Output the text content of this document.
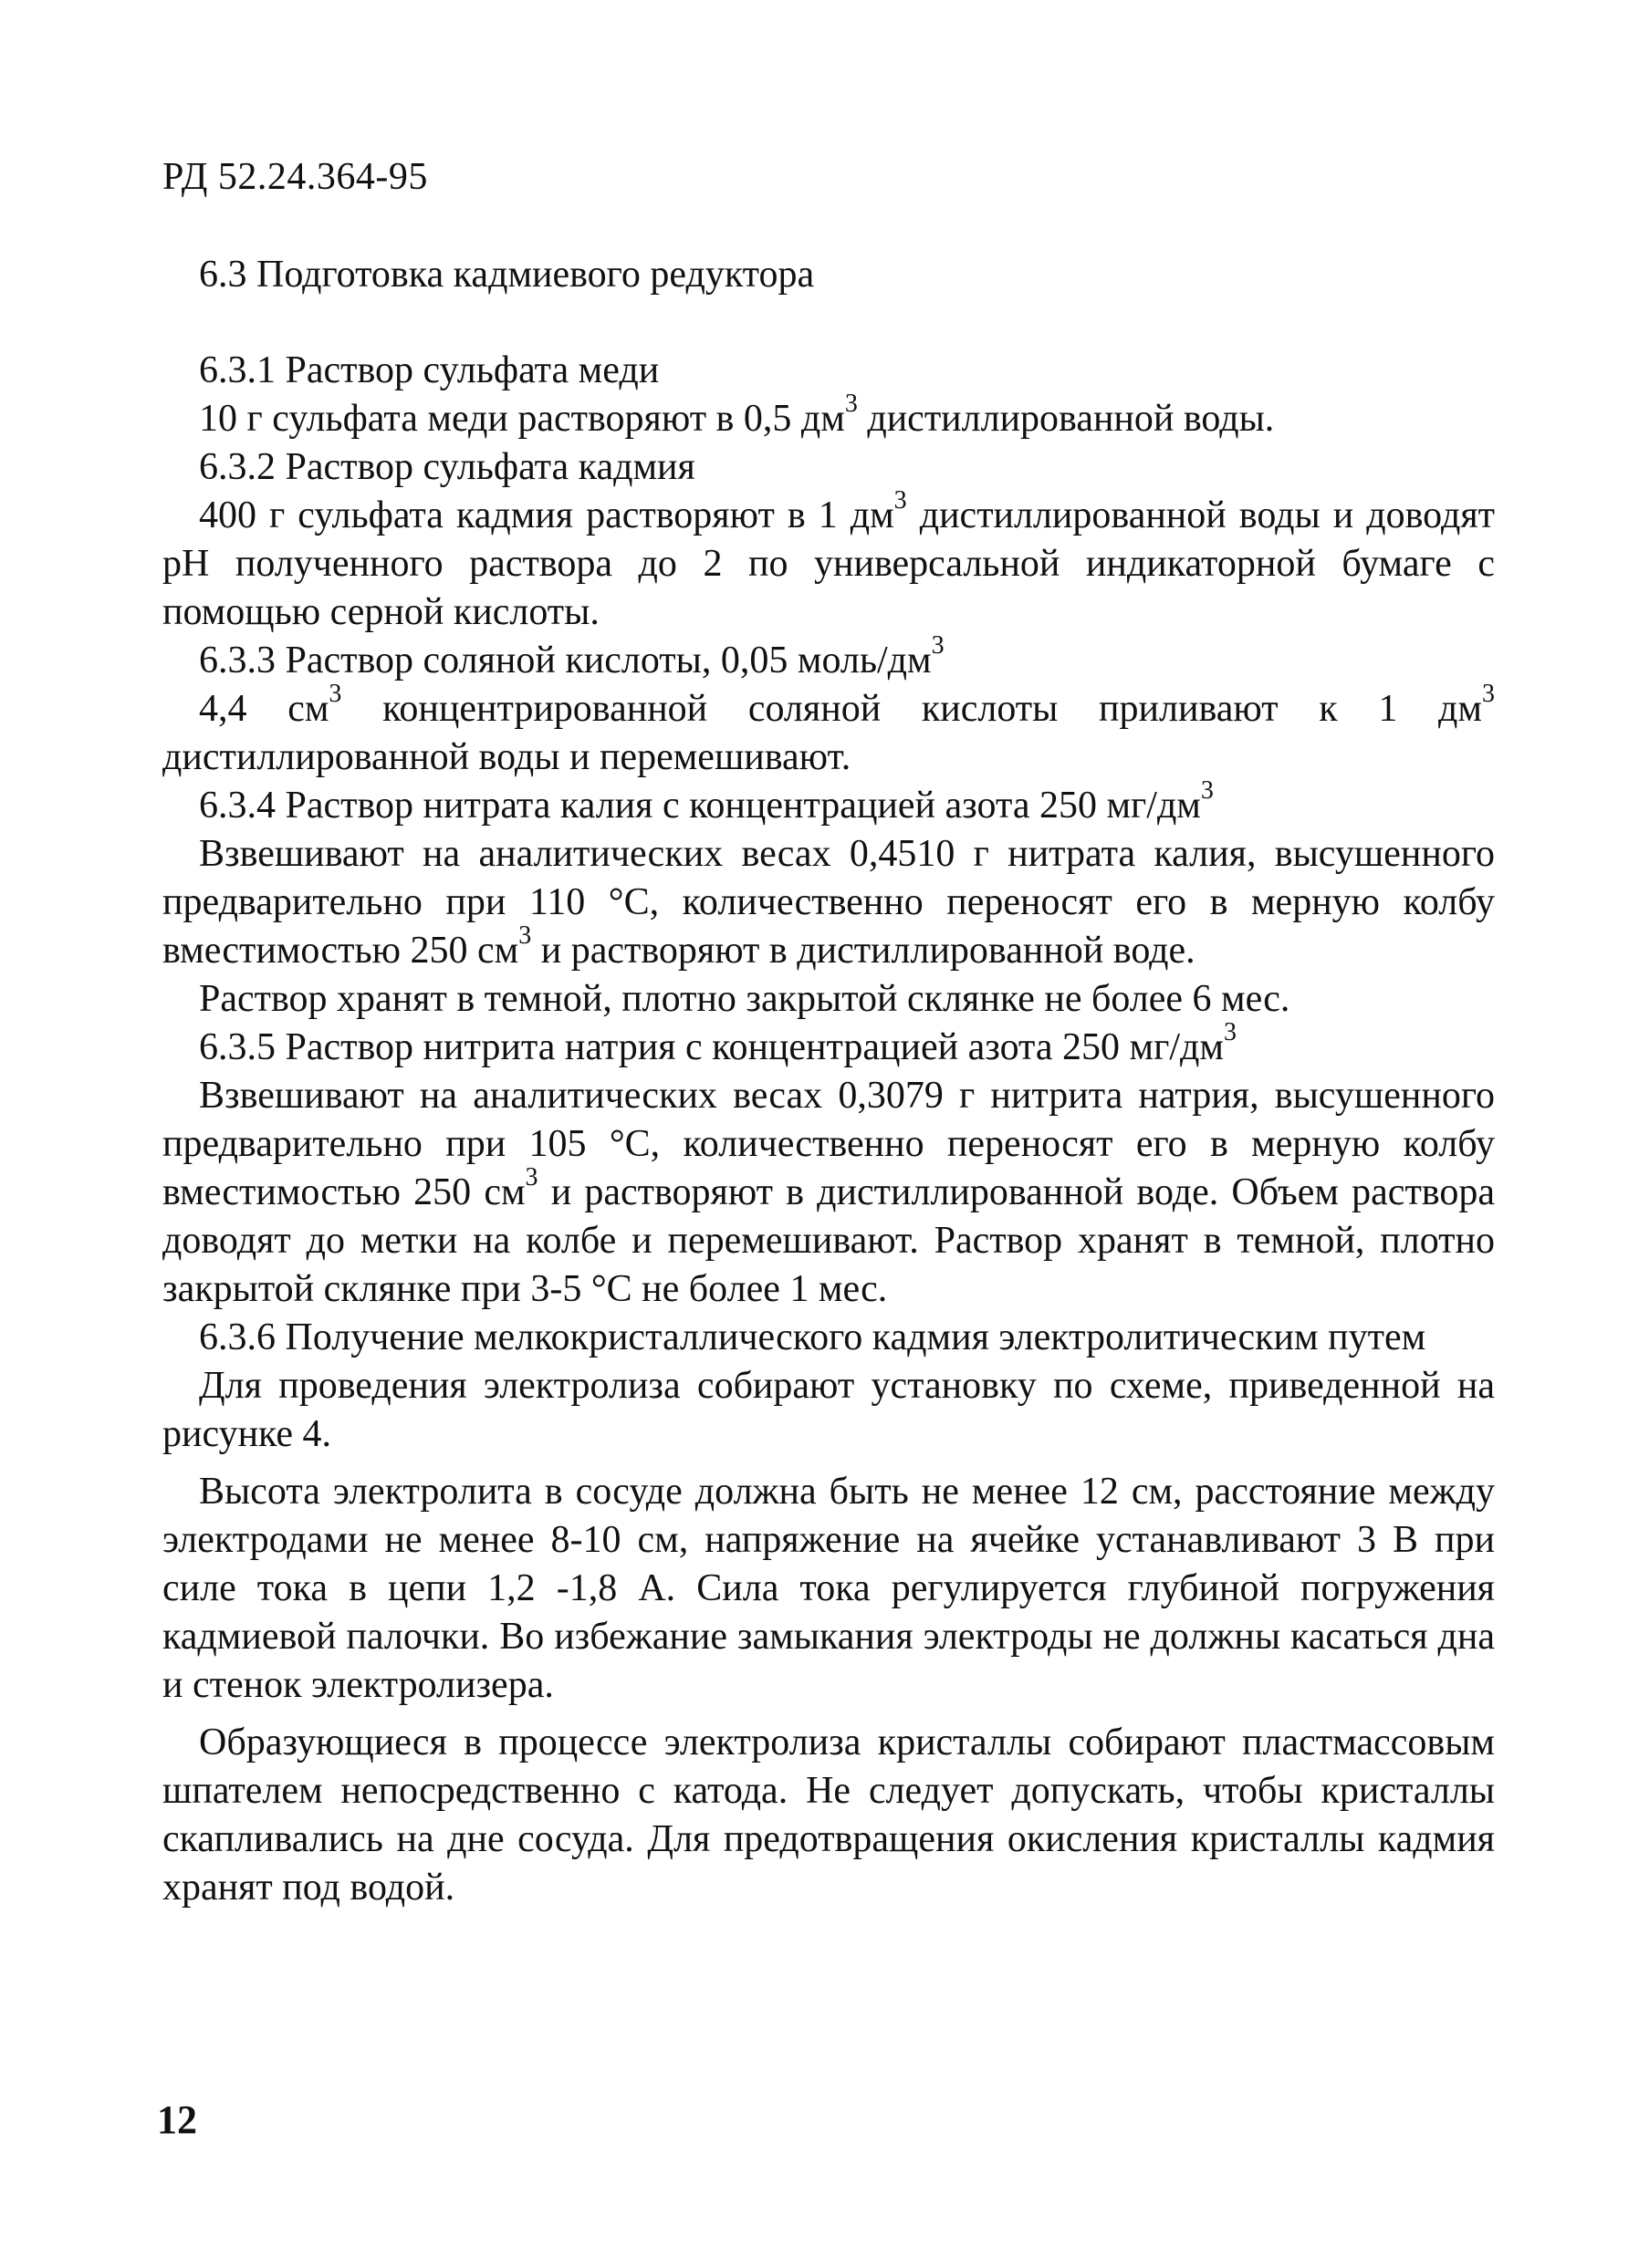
РД 52.24.364-95
6.3 Подготовка кадмиевого редуктора

6.3.1 Раствор сульфата меди

10 г сульфата меди растворяют в 0,5 $дм^3$ дистиллированной воды.

6.3.2 Раствор сульфата кадмия

400 г сульфата кадмия растворяют в 1 $дм^3$ дистиллированной воды и доводят рН полученного раствора до 2 по универсальной индикаторной бумаге с помощью серной кислоты.

6.3.3 Раствор соляной кислоты, 0,05 моль/$дм^3$

4,4 $см^3$ концентрированной соляной кислоты приливают к 1 $дм^3$ дистиллированной воды и перемешивают.

6.3.4 Раствор нитрата калия с концентрацией азота 250 $мг/дм^3$

Взвешивают на аналитических весах 0,4510 г нитрата калия, высушенного предварительно при 110 °С, количественно переносят его в мерную колбу вместимостью 250 $см^3$ и растворяют в дистиллированной воде.

Раствор хранят в темной, плотно закрытой склянке не более 6 мес.

6.3.5 Раствор нитрита натрия с концентрацией азота 250 $мг/дм^3$

Взвешивают на аналитических весах 0,3079 г нитрита натрия, высушенного предварительно при 105 °С, количественно переносят его в мерную колбу вместимостью 250 $см^3$ и растворяют в дистиллированной воде. Объем раствора доводят до метки на колбе и перемешивают. Раствор хранят в темной, плотно закрытой склянке при 3-5 °С не более 1 мес.

6.3.6 Получение мелкокристаллического кадмия электролитическим путем

Для проведения электролиза собирают установку по схеме, приведенной на рисунке 4.

Высота электролита в сосуде должна быть не менее 12 см, расстояние между электродами не менее 8-10 см, напряжение на ячейке устанавливают 3 В при силе тока в цепи 1,2 -1,8 А. Сила тока регулируется глубиной погружения кадмиевой палочки. Во избежание замыкания электроды не должны касаться дна и стенок электролизера.

Образующиеся в процессе электролиза кристаллы собирают пластмассовым шпателем непосредственно с катода. Не следует допускать, чтобы кристаллы скапливались на дне сосуда. Для предотвращения окисления кристаллы кадмия хранят под водой.

12
